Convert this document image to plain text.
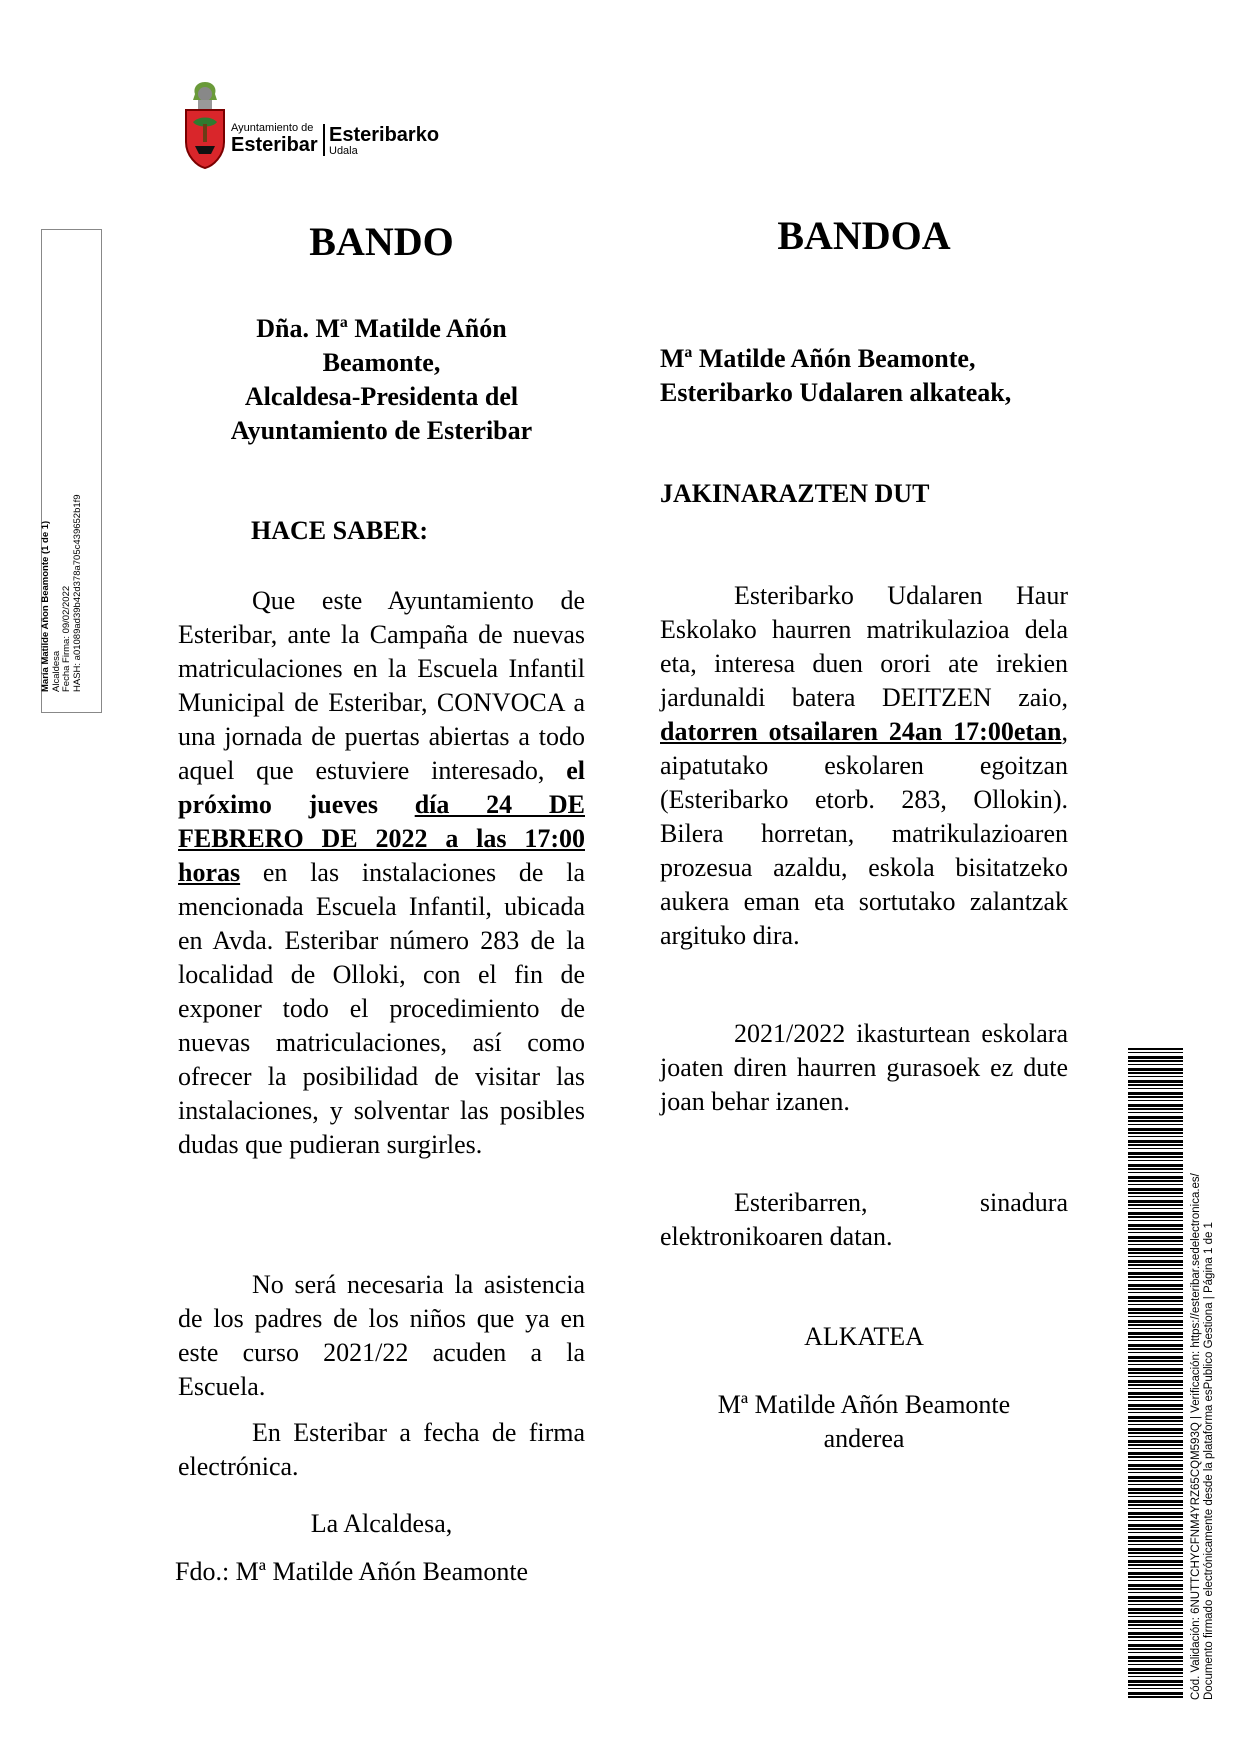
Ayuntamiento de
Esteribar Esteribarko
Udala
María Matilde Añon Beamonte (1 de 1) Alcaldesa Fecha Firma: 09/02/2022 HASH: a01089ad39b42d378a705c439652b1f9
BANDO
Dña. Mª Matilde Añón
Beamonte,
Alcaldesa-Presidenta del
Ayuntamiento de Esteribar
HACE SABER:
Que este Ayuntamiento de Esteribar, ante la Campaña de nuevas matriculaciones en la Escuela Infantil Municipal de Esteribar, CONVOCA a una jornada de puertas abiertas a todo aquel que estuviere interesado, el próximo jueves día 24 DE FEBRERO DE 2022 a las 17:00 horas en las instalaciones de la mencionada Escuela Infantil, ubicada en Avda. Esteribar número 283 de la localidad de Olloki, con el fin de exponer todo el procedimiento de nuevas matriculaciones, así como ofrecer la posibilidad de visitar las instalaciones, y solventar las posibles dudas que pudieran surgirles.
No será necesaria la asistencia de los padres de los niños que ya en este curso 2021/22 acuden a la Escuela.
En Esteribar a fecha de firma electrónica.
La Alcaldesa,
Fdo.: Mª Matilde Añón Beamonte
BANDOA
Mª Matilde Añón Beamonte,
Esteribarko Udalaren alkateak,
JAKINARAZTEN DUT
Esteribarko Udalaren Haur Eskolako haurren matrikulazioa dela eta, interesa duen orori ate irekien jardunaldi batera DEITZEN zaio, datorren otsailaren 24an 17:00etan, aipatutako eskolaren egoitzan (Esteribarko etorb. 283, Ollokin). Bilera horretan, matrikulazioaren prozesua azaldu, eskola bisitatzeko aukera eman eta sortutako zalantzak argituko dira.
2021/2022 ikasturtean eskolara joaten diren haurren gurasoek ez dute joan behar izanen.
Esteribarren, sinadura elektronikoaren datan.
ALKATEA
Mª Matilde Añón Beamonte
anderea	Cód. Validación: 6NUTTCHYCFNM4YRZ65CQM593Q | Verificación: https://esteribar.sedelectronica.es/ Documento firmado electrónicamente desde la plataforma esPublico Gestiona | Página 1 de 1
